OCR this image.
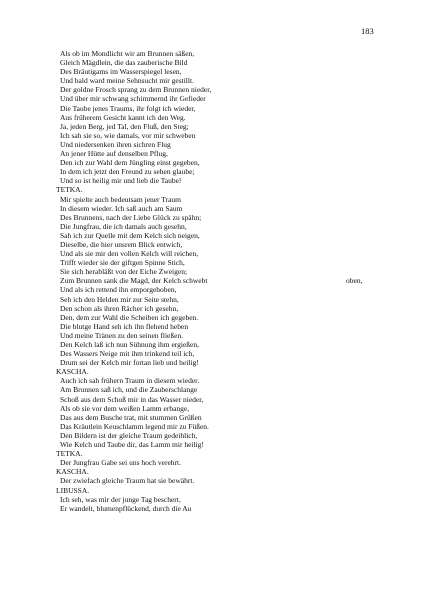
183
Als ob im Mondlicht wir am Brunnen säßen,
Gleich Mägdlein, die das zauberische Bild
Des Bräutigams im Wasserspiegel lesen,
Und bald ward meine Sehnsucht mir gestillt.
Der goldne Frosch sprang zu dem Brunnen nieder,
Und über mir schwang schimmernd ihr Gefieder
Die Taube jenes Traums, ihr folgt ich wieder,
Aus früherem Gesicht kannt ich den Weg.
Ja, jeden Berg, jed Tal, den Fluß, den Steg;
Ich sah sie so, wie damals, vor mir schweben
Und niedersenken ihren sichren Flug
An jener Hütte auf denselben Pflug,
Den ich zur Wahl dem Jüngling einst gegeben,
In dem ich jetzt den Freund zu sehen glaube;
Und so ist heilig mir und lieb die Taube!
TETKA.
Mir spielte auch bedeutsam jener Traum
In diesem wieder. Ich saß auch am Saum
Des Brunnens, nach der Liebe Glück zu spähn;
Die Jungfrau, die ich damals auch gesehn,
Sah ich zur Quelle mit dem Kelch sich neigen,
Dieselbe, die hier unsrem Blick entwich,
Und als sie mir den vollen Kelch will reichen,
Trifft wieder sie der giftgen Spinne Stich,
Sie sich herabläßt von der Eiche Zweigen;
Zum Brunnen sank die Magd, der Kelch schwebt	oben,
Und als ich rettend ihn emporgehoben,
Seh ich den Helden mir zur Seite stehn,
Den schon als ihren Rächer ich gesehn,
Den, dem zur Wahl die Scheiben ich gegeben.
Die blutge Hand seh ich ihn flehend heben
Und meine Tränen zu den seinen fließen.
Den Kelch laß ich nun Sühnung ihm ergießen,
Des Wassers Neige mit ihm trinkend teil ich,
Drum sei der Kelch mir fortan lieb und heilig!
KASCHA.
Auch ich sah frühern Traum in diesem wieder.
Am Brunnen saß ich, und die Zauberschlange
Schoß aus dem Schoß mir in das Wasser nieder,
Als ob sie vor dem weißen Lamm erbange,
Das aus dem Busche trat, mit stummen Grüßen
Das Kräutlein Keuschlamm legend mir zu Füßen.
Den Bildern ist der gleiche Traum gedeihlich,
Wie Kelch und Taube dir, das Lamm mir heilig!
TETKA.
Der Jungfrau Gabe sei uns hoch verehrt.
KASCHA.
Der zwiefach gleiche Traum hat sie bewährt.
LIBUSSA.
Ich seh, was mir der junge Tag beschert,
Er wandelt, blumenpflückend, durch die Au
